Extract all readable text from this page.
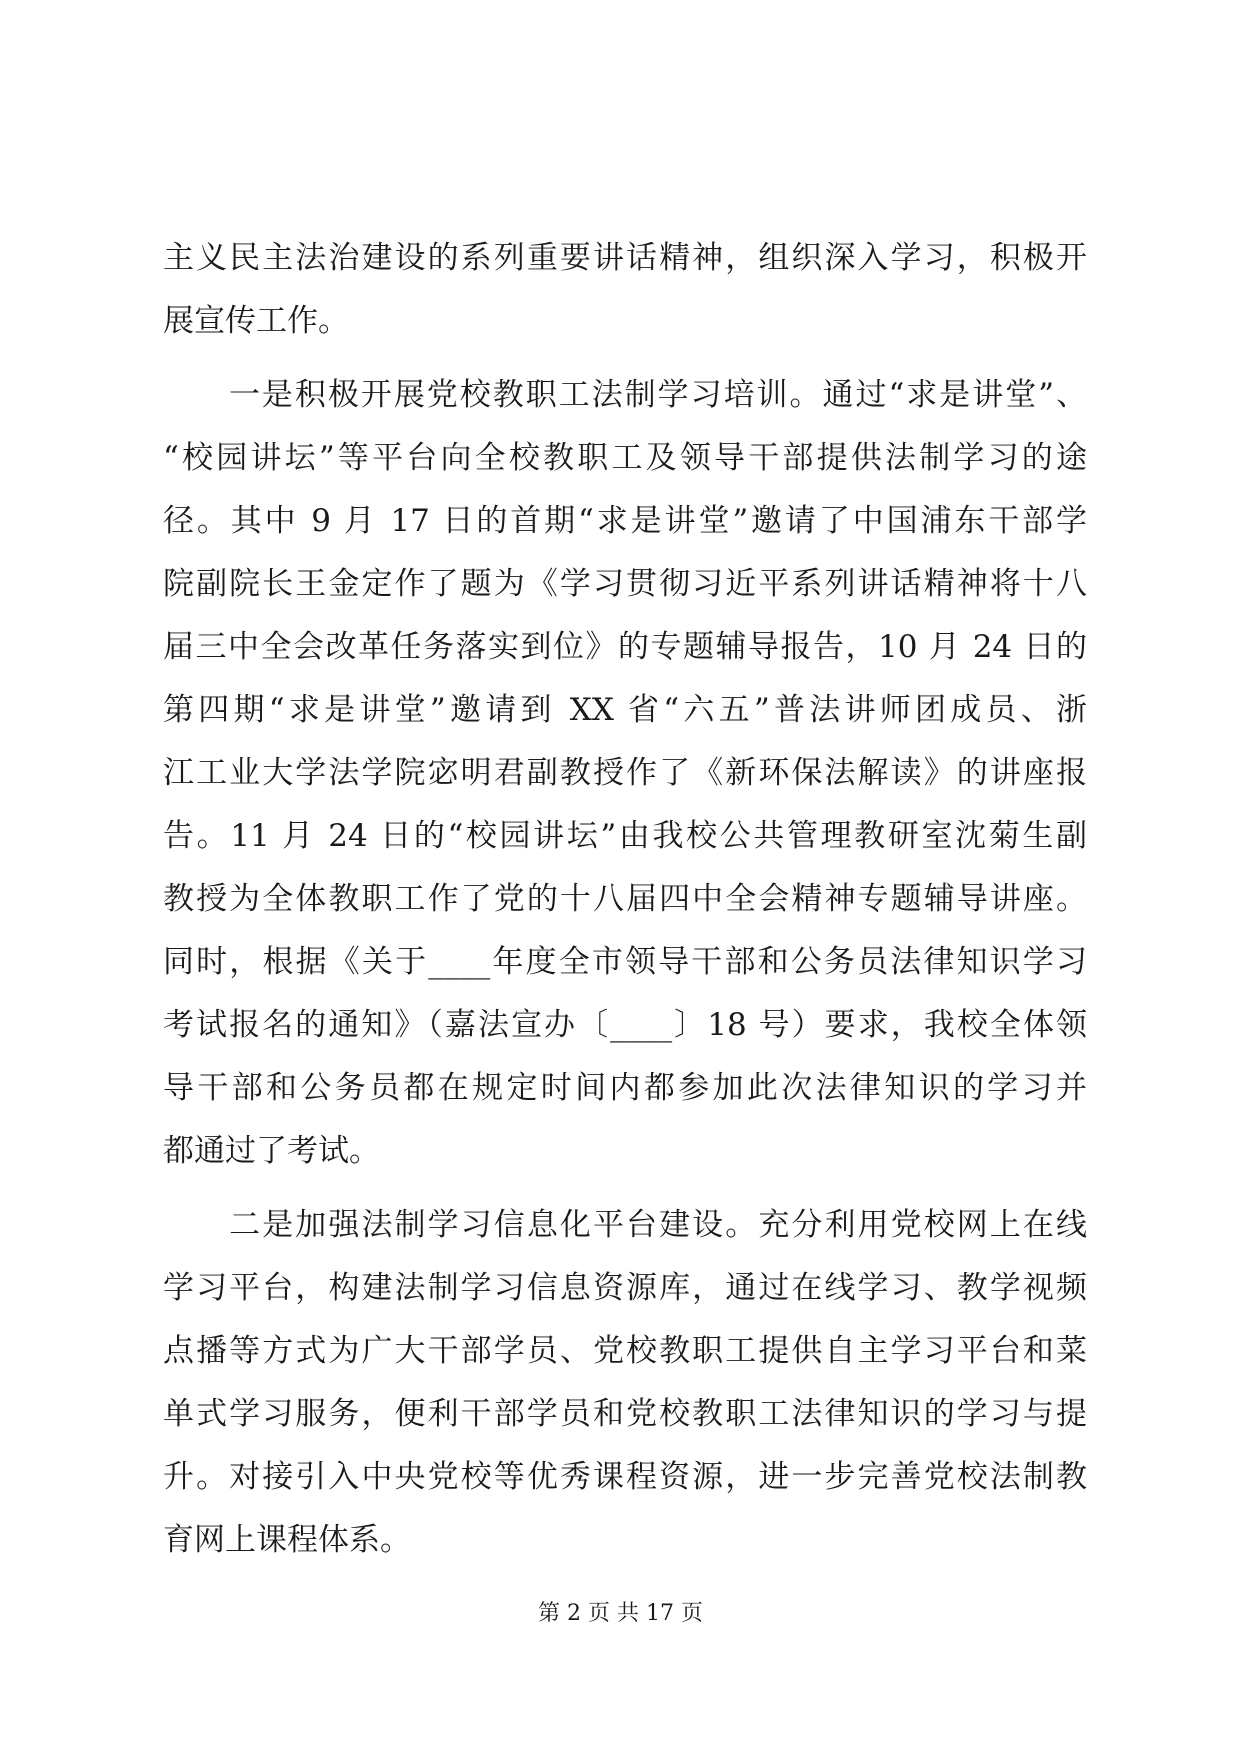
主义民主法治建设的系列重要讲话精神，组织深入学习，积极开
展宣传工作。
　　一是积极开展党校教职工法制学习培训。通过“求是讲堂”、
“校园讲坛”等平台向全校教职工及领导干部提供法制学习的途
径。其中 9 月 17 日的首期“求是讲堂”邀请了中国浦东干部学
院副院长王金定作了题为《学习贯彻习近平系列讲话精神将十八
届三中全会改革任务落实到位》的专题辅导报告，10 月 24 日的
第四期“求是讲堂”邀请到 XX 省“六五”普法讲师团成员、浙
江工业大学法学院宓明君副教授作了《新环保法解读》的讲座报
告。11 月 24 日的“校园讲坛”由我校公共管理教研室沈菊生副
教授为全体教职工作了党的十八届四中全会精神专题辅导讲座。
同时，根据《关于____年度全市领导干部和公务员法律知识学习
考试报名的通知》（嘉法宣办〔____〕18 号）要求，我校全体领
导干部和公务员都在规定时间内都参加此次法律知识的学习并
都通过了考试。
　　二是加强法制学习信息化平台建设。充分利用党校网上在线
学习平台，构建法制学习信息资源库，通过在线学习、教学视频
点播等方式为广大干部学员、党校教职工提供自主学习平台和菜
单式学习服务，便利干部学员和党校教职工法律知识的学习与提
升。对接引入中央党校等优秀课程资源，进一步完善党校法制教
育网上课程体系。
第 2 页 共 17 页
